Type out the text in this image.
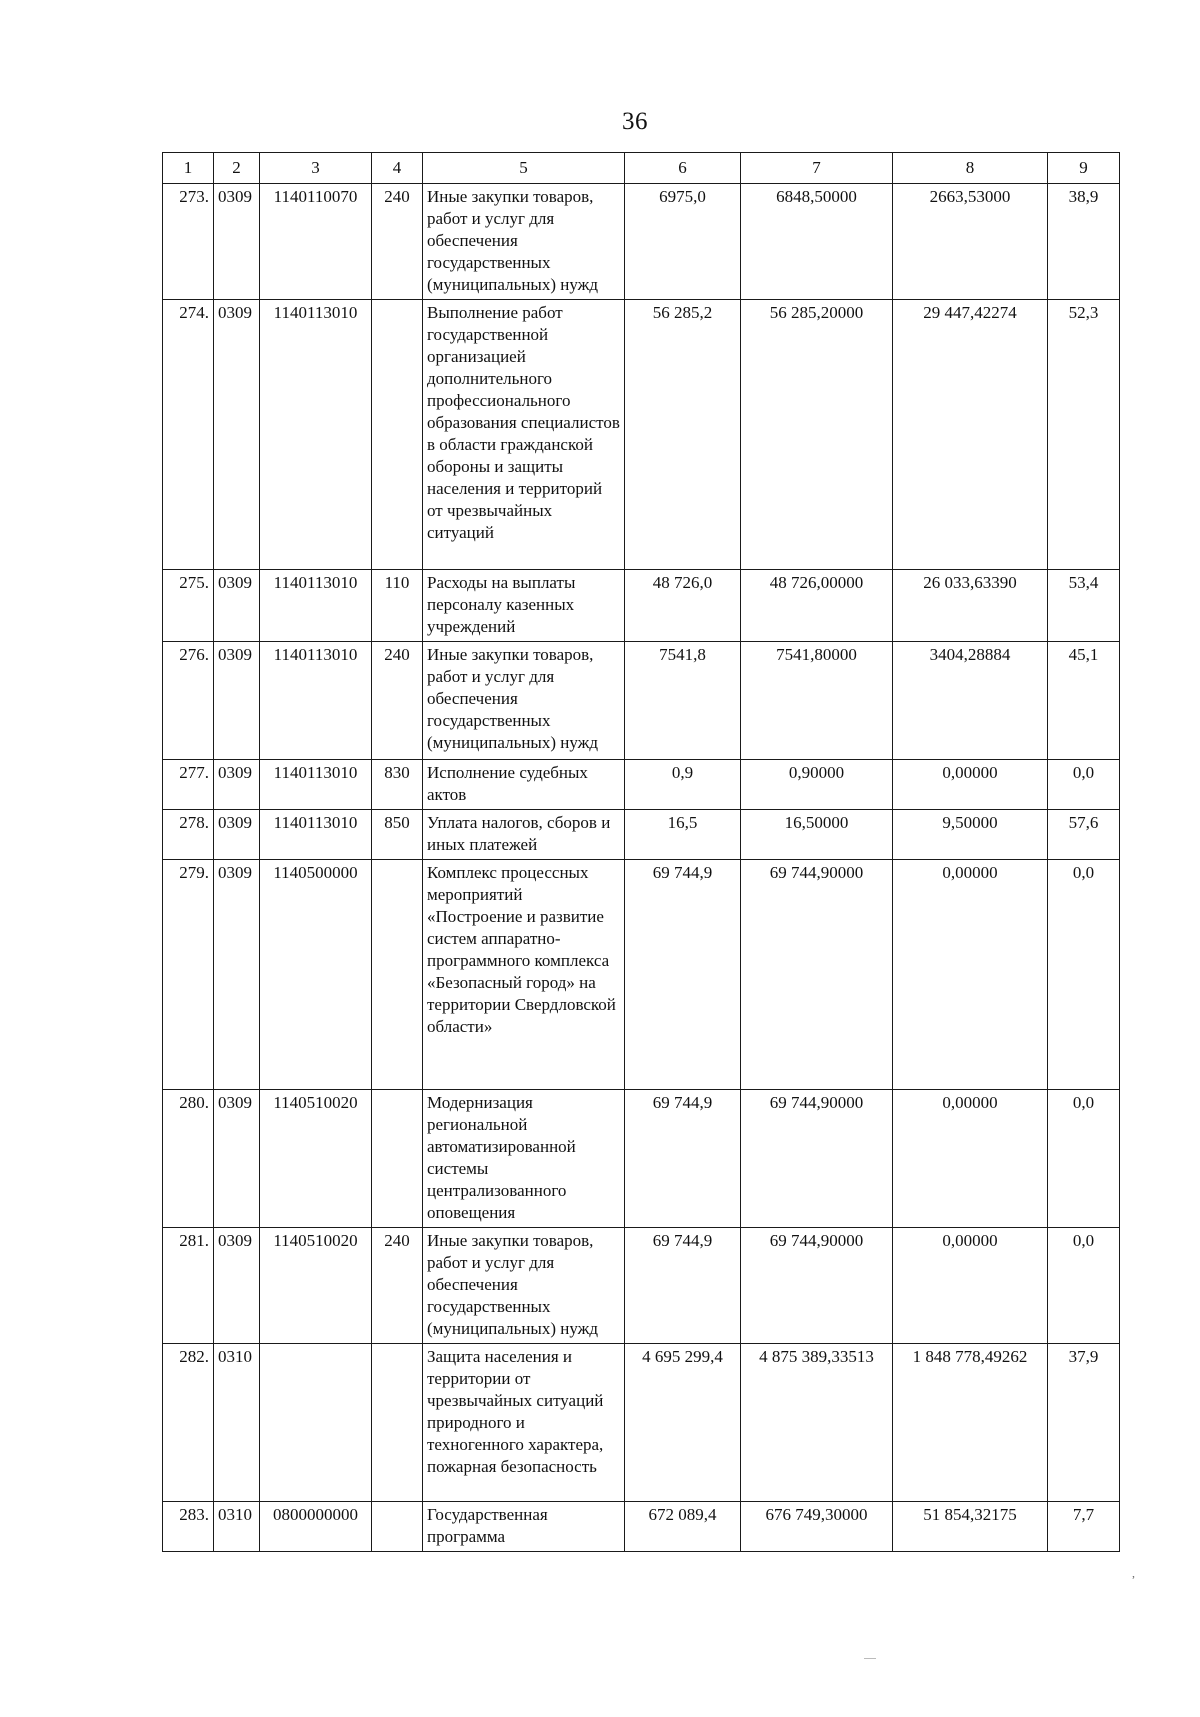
36
1	2	3	4	5	6	7	8	9
273.	0309	1140110070	240	Иные закупки товаров, работ и услуг для обеспечения государственных (муниципальных) нужд	6975,0	6848,50000	2663,53000	38,9
274.	0309	1140113010		Выполнение работ государственной организацией дополнительного профессионального образования специалистов в области гражданской обороны и защиты населения и территорий от чрезвычайных ситуаций	56 285,2	56 285,20000	29 447,42274	52,3
275.	0309	1140113010	110	Расходы на выплаты персоналу казенных учреждений	48 726,0	48 726,00000	26 033,63390	53,4
276.	0309	1140113010	240	Иные закупки товаров, работ и услуг для обеспечения государственных (муниципальных) нужд	7541,8	7541,80000	3404,28884	45,1
277.	0309	1140113010	830	Исполнение судебных актов	0,9	0,90000	0,00000	0,0
278.	0309	1140113010	850	Уплата налогов, сборов и иных платежей	16,5	16,50000	9,50000	57,6
279.	0309	1140500000		Комплекс процессных мероприятий «Построение и развитие систем аппаратно-программного комплекса «Безопасный город» на территории Свердловской области»	69 744,9	69 744,90000	0,00000	0,0
280.	0309	1140510020		Модернизация региональной автоматизированной системы централизованного оповещения	69 744,9	69 744,90000	0,00000	0,0
281.	0309	1140510020	240	Иные закупки товаров, работ и услуг для обеспечения государственных (муниципальных) нужд	69 744,9	69 744,90000	0,00000	0,0
282.	0310			Защита населения и территории от чрезвычайных ситуаций природного и техногенного характера, пожарная безопасность	4 695 299,4	4 875 389,33513	1 848 778,49262	37,9
283.	0310	0800000000		Государственная программа	672 089,4	676 749,30000	51 854,32175	7,7
,
